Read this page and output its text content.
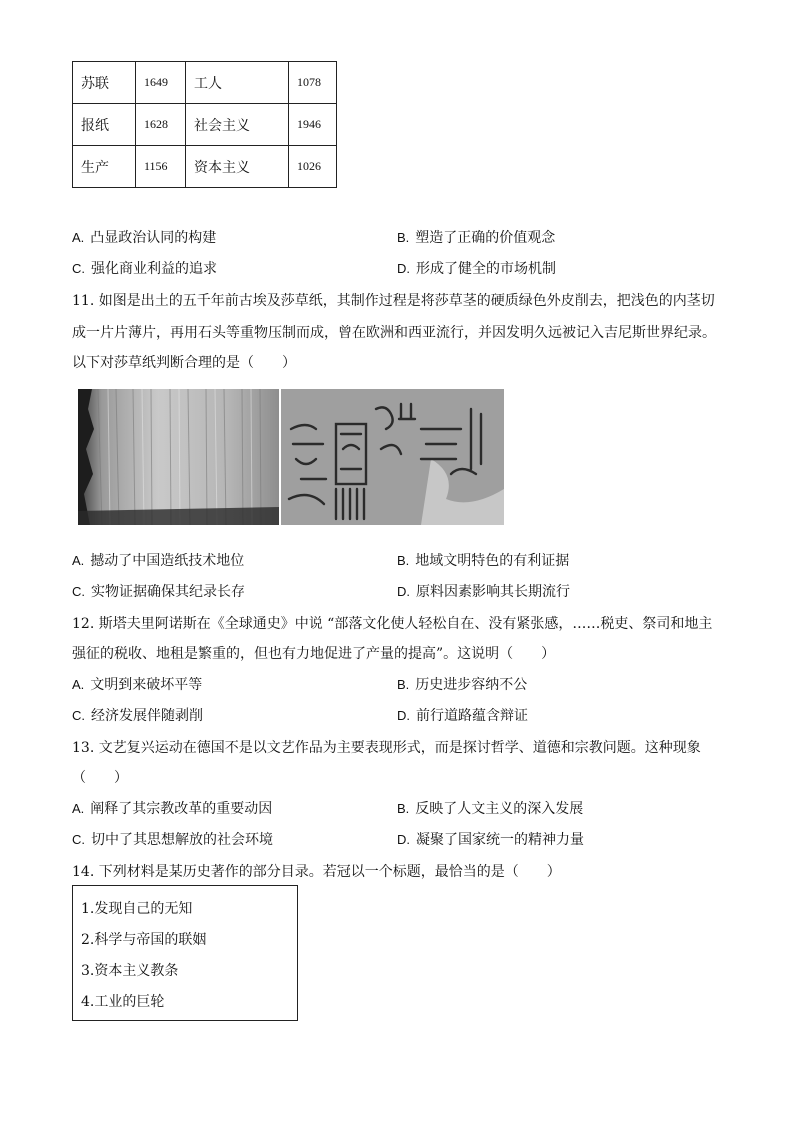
苏联	1649	工人	1078
报纸	1628	社会主义	1946
生产	1156	资本主义	1026
A. 凸显政治认同的构建	B. 塑造了正确的价值观念
C. 强化商业利益的追求	D. 形成了健全的市场机制
11. 如图是出土的五千年前古埃及莎草纸，其制作过程是将莎草茎的硬质绿色外皮削去，把浅色的内茎切
成一片片薄片，再用石头等重物压制而成，曾在欧洲和西亚流行，并因发明久远被记入吉尼斯世界纪录。
以下对莎草纸判断合理的是（　　）
A. 撼动了中国造纸技术地位	B. 地域文明特色的有利证据
C. 实物证据确保其纪录长存	D. 原料因素影响其长期流行
12. 斯塔夫里阿诺斯在《全球通史》中说 “部落文化使人轻松自在、没有紧张感，……税吏、祭司和地主
强征的税收、地租是繁重的，但也有力地促进了产量的提高”。这说明（　　）
A. 文明到来破坏平等	B. 历史进步容纳不公
C. 经济发展伴随剥削	D. 前行道路蕴含辩证
13. 文艺复兴运动在德国不是以文艺作品为主要表现形式，而是探讨哲学、道德和宗教问题。这种现象
（　　）
A. 阐释了其宗教改革的重要动因	B. 反映了人文主义的深入发展
C. 切中了其思想解放的社会环境	D. 凝聚了国家统一的精神力量
14. 下列材料是某历史著作的部分目录。若冠以一个标题，最恰当的是（　　）
1.发现自己的无知
2.科学与帝国的联姻
3.资本主义教条
4.工业的巨轮
